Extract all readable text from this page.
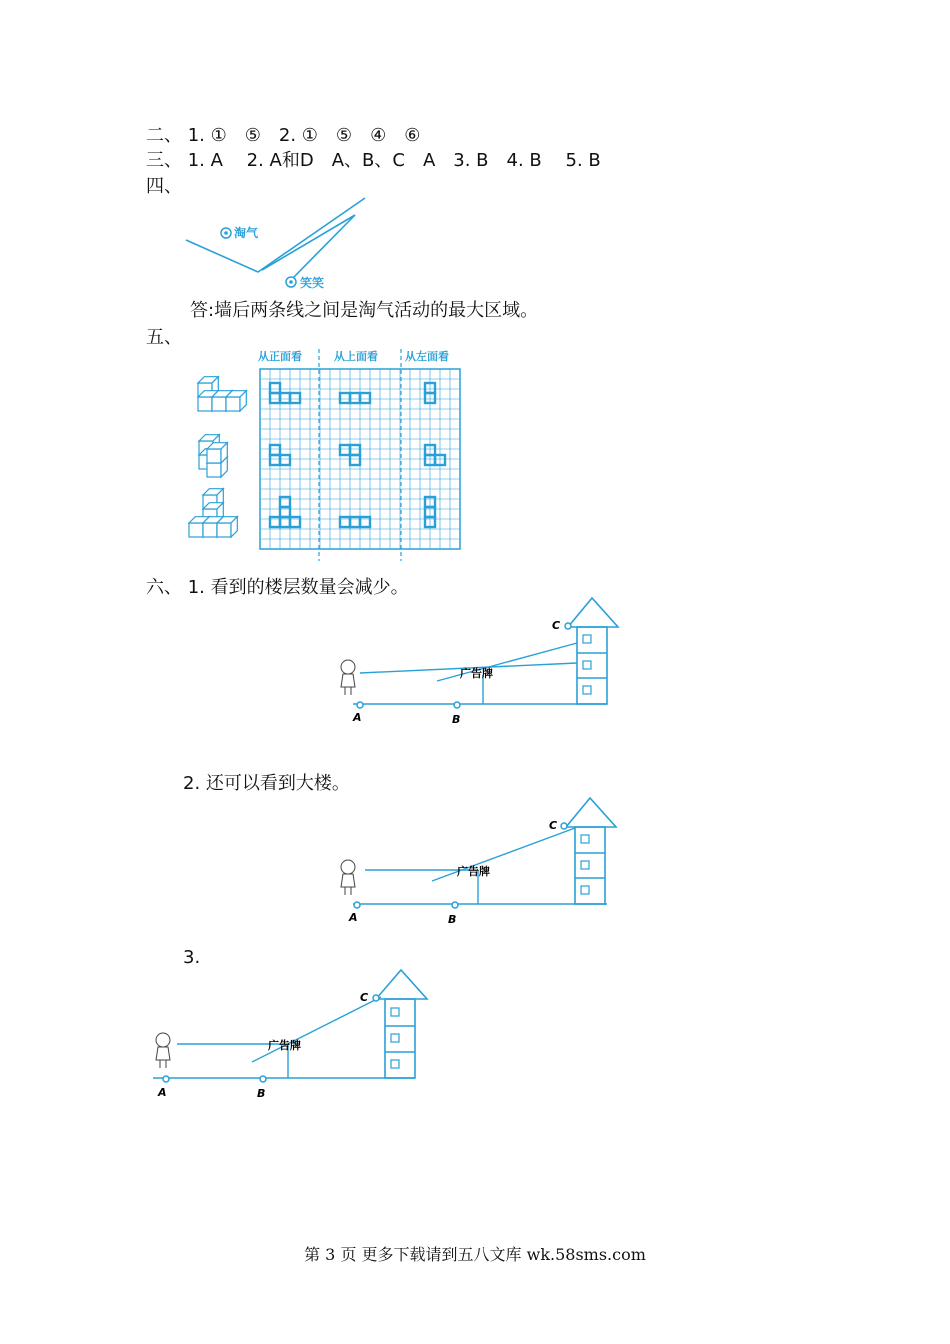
二、 1. ①　⑤　2. ①　⑤　④　⑥
三、 1. A　 2. A和D　A、B、C　A　3. B　4. B　 5. B
四、
淘气
笑笑
答:墙后两条线之间是淘气活动的最大区域。
五、
从正面看	从上面看 从左面看
六、 1. 看到的楼层数量会减少。
A	B
广告牌
C
2. 还可以看到大楼。
A	B
广告牌
C
3.
A	B
广告牌
C
第 3 页 更多下载请到五八文库 wk.58sms.com
